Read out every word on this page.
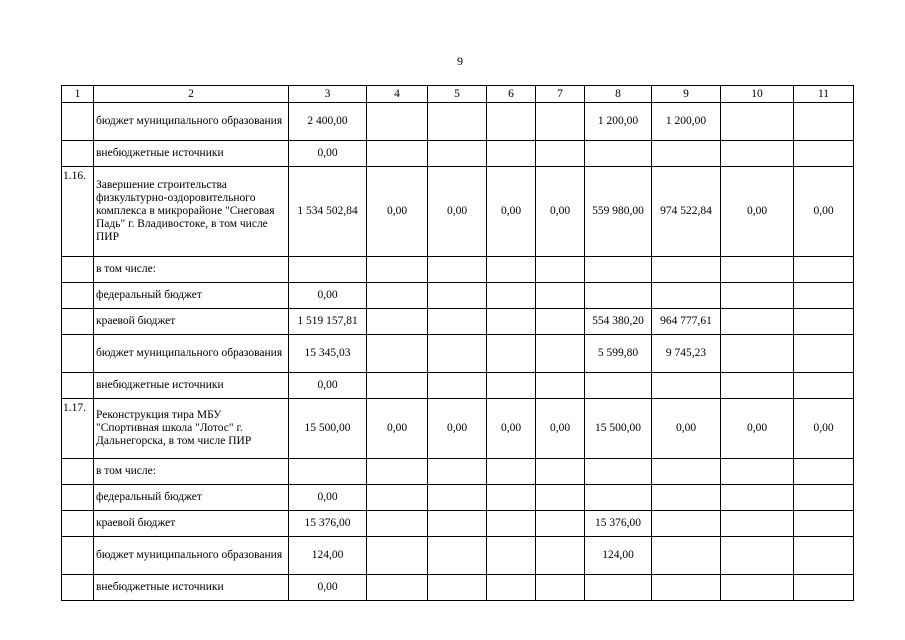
9
1	2	3	4	5	6	7	8	9	10	11
	бюджет муниципального образования	2 400,00					1 200,00	1 200,00		
	внебюджетные источники	0,00								
1.16.	Завершение строительства физкультурно-оздоровительного комплекса в микрорайоне "Снеговая Падь" г. Владивостоке, в том числе ПИР	1 534 502,84	0,00	0,00	0,00	0,00	559 980,00	974 522,84	0,00	0,00
	в том числе:									
	федеральный бюджет	0,00								
	краевой бюджет	1 519 157,81					554 380,20	964 777,61		
	бюджет муниципального образования	15 345,03					5 599,80	9 745,23		
	внебюджетные источники	0,00								
1.17.	Реконструкция тира МБУ "Спортивная школа "Лотос" г. Дальнегорска, в том числе ПИР	15 500,00	0,00	0,00	0,00	0,00	15 500,00	0,00	0,00	0,00
	в том числе:									
	федеральный бюджет	0,00								
	краевой бюджет	15 376,00					15 376,00			
	бюджет муниципального образования	124,00					124,00			
	внебюджетные источники	0,00								
